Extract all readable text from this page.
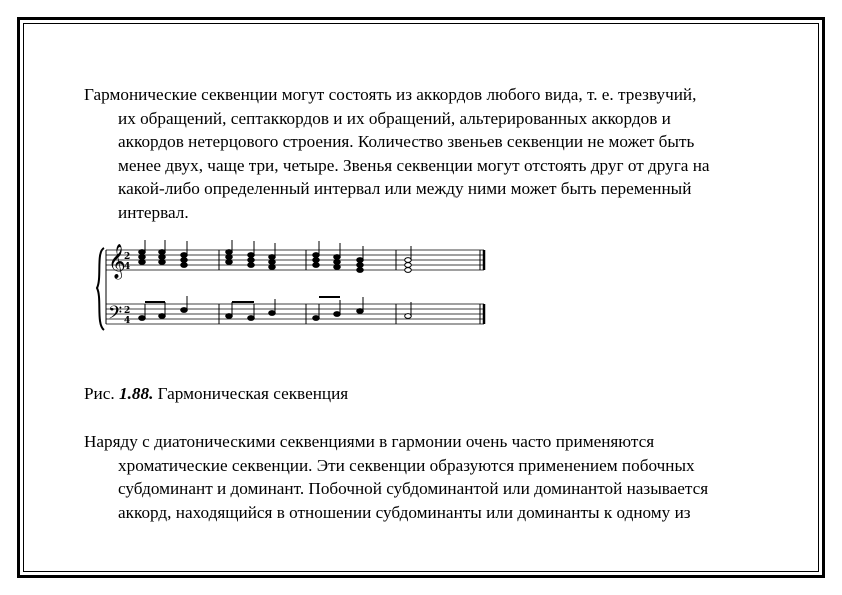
Гармонические секвенции могут состоять из аккордов любого вида, т. е. трезвучий,
их обращений, септаккордов и их обращений, альтерированных аккордов и
аккордов нетерцового строения. Количество звеньев секвенции не может быть
менее двух, чаще три, четыре. Звенья секвенции могут отстоять друг от друга на
какой-либо определенный интервал или между ними может быть переменный
интервал.

𝄞
𝄢
2
4
2
4

Рис. 1.88. Гармоническая секвенция

Наряду с диатоническими секвенциями в гармонии очень часто применяются
хроматические секвенции. Эти секвенции образуются применением побочных
субдоминант и доминант. Побочной субдоминантой или доминантой называется
аккорд, находящийся в отношении субдоминанты или доминанты к одному из
